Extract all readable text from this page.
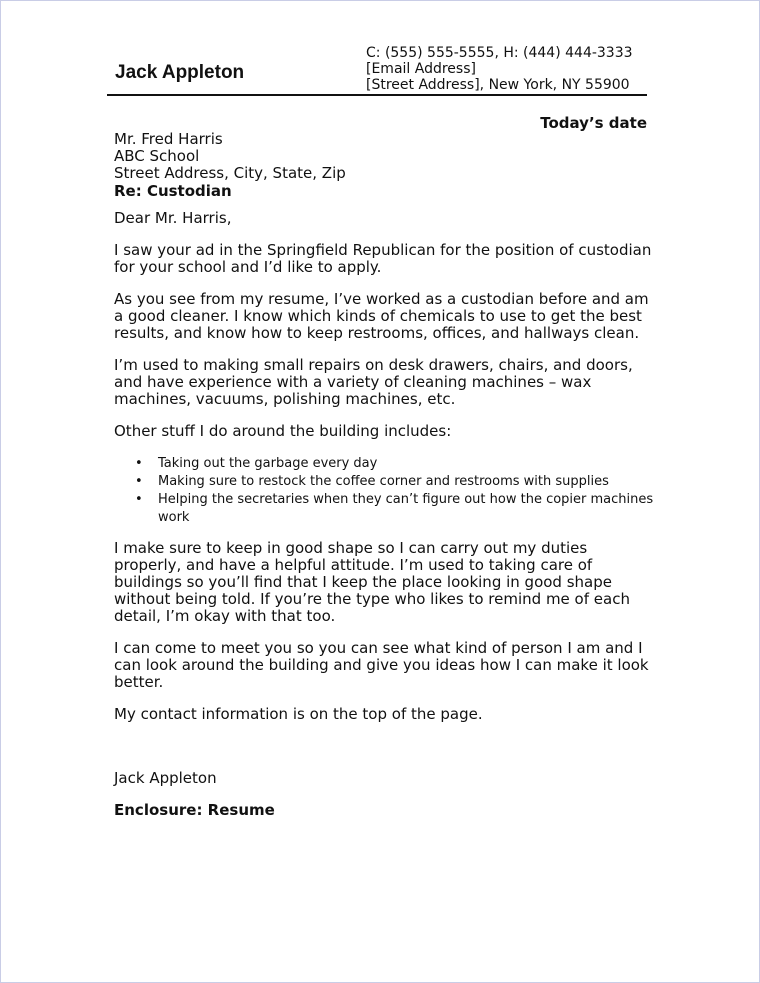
Jack Appleton
C: (555) 555-5555, H: (444) 444-3333
[Email Address]
[Street Address], New York, NY 55900
Today’s date

Mr. Fred Harris

ABC School

Street Address, City, State, Zip

Re: Custodian

Dear Mr. Harris,

I saw your ad in the Springfield Republican for the position of custodian for your school and I’d like to apply.

As you see from my resume, I’ve worked as a custodian before and am a good cleaner. I know which kinds of chemicals to use to get the best results, and know how to keep restrooms, offices, and hallways clean.

I’m used to making small repairs on desk drawers, chairs, and doors, and have experience with a variety of cleaning machines – wax machines, vacuums, polishing machines, etc.

Other stuff I do around the building includes:

• Taking out the garbage every day
• Making sure to restock the coffee corner and restrooms with supplies
• Helping the secretaries when they can’t figure out how the copier machines work

I make sure to keep in good shape so I can carry out my duties properly, and have a helpful attitude. I’m used to taking care of buildings so you’ll find that I keep the place looking in good shape without being told. If you’re the type who likes to remind me of each detail, I’m okay with that too.

I can come to meet you so you can see what kind of person I am and I can look around the building and give you ideas how I can make it look better.

My contact information is on the top of the page.

Jack Appleton

Enclosure: Resume
